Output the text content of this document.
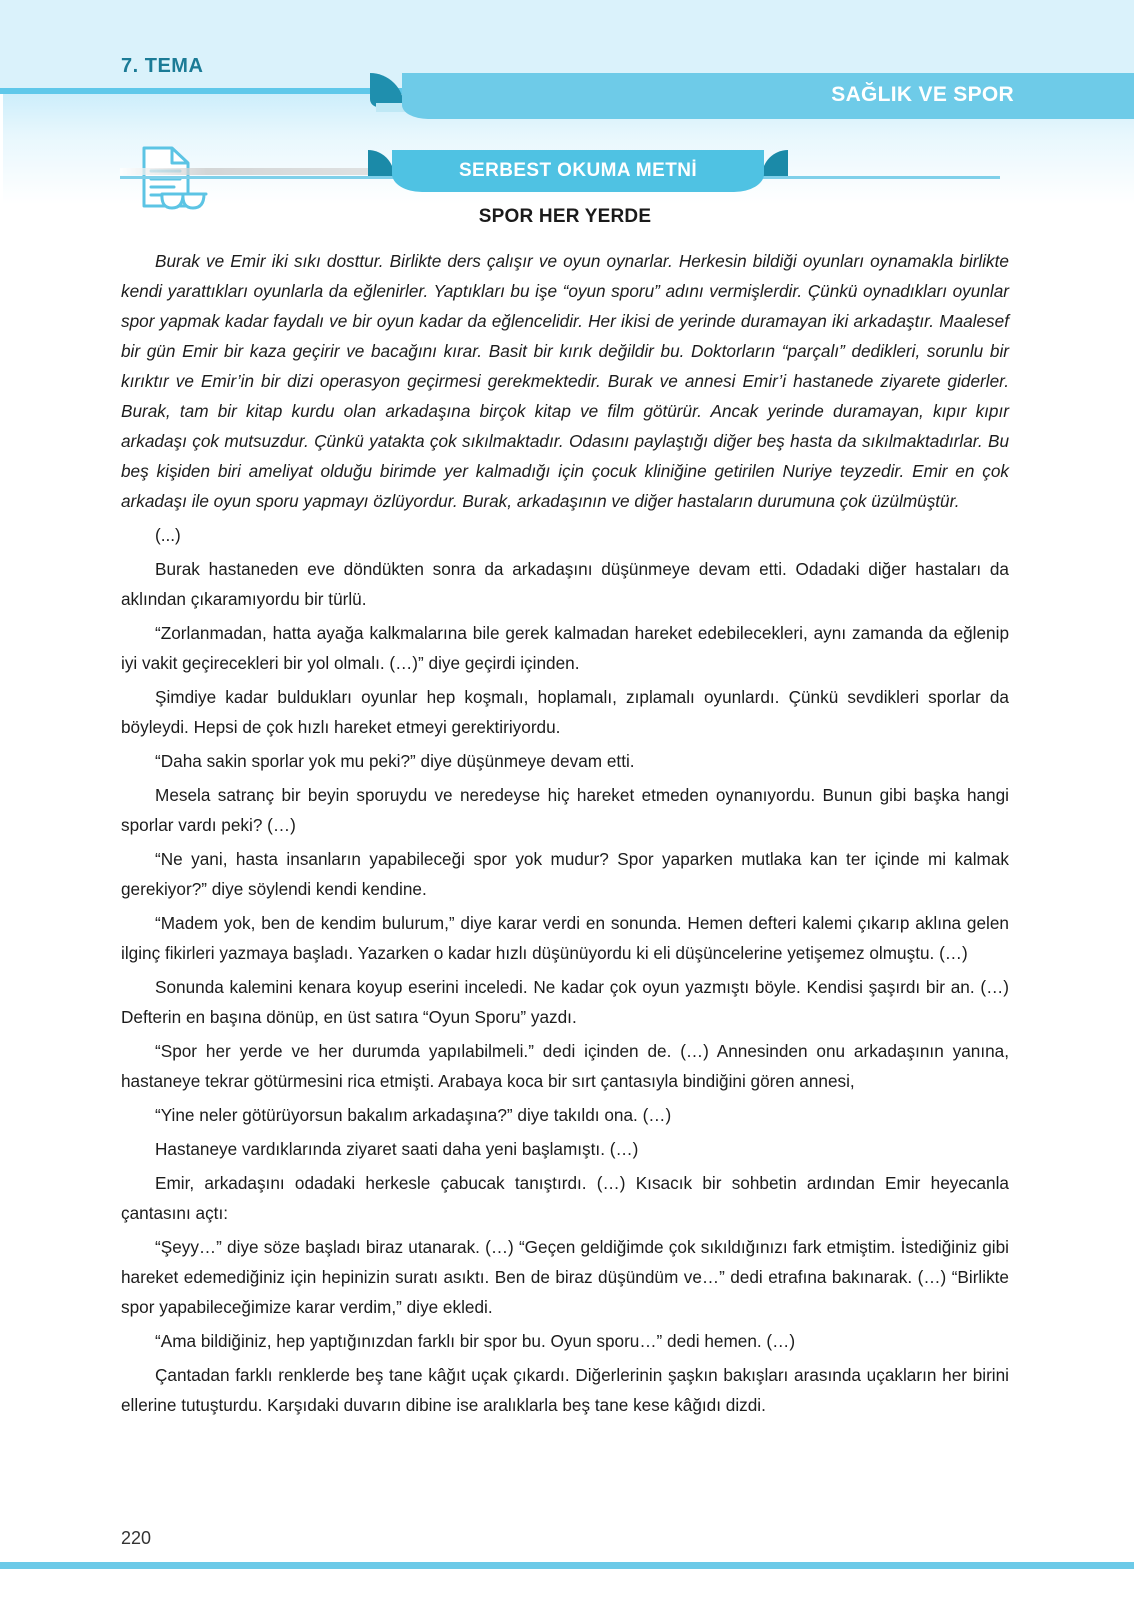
7. TEMA
SAĞLIK VE SPOR
SERBEST OKUMA METNİ
SPOR HER YERDE

Burak ve Emir iki sıkı dosttur. Birlikte ders çalışır ve oyun oynarlar. Herkesin bildiği oyunları oynamakla birlikte kendi yarattıkları oyunlarla da eğlenirler. Yaptıkları bu işe “oyun sporu” adını vermişlerdir. Çünkü oynadıkları oyunlar spor yapmak kadar faydalı ve bir oyun kadar da eğlencelidir. Her ikisi de yerinde duramayan iki arkadaştır. Maalesef bir gün Emir bir kaza geçirir ve bacağını kırar. Basit bir kırık değildir bu. Doktorların “parçalı” dedikleri, sorunlu bir kırıktır ve Emir’in bir dizi operasyon geçirmesi gerekmektedir. Burak ve annesi Emir’i hastanede ziyarete giderler. Burak, tam bir kitap kurdu olan arkadaşına birçok kitap ve film götürür. Ancak yerinde duramayan, kıpır kıpır arkadaşı çok mutsuzdur. Çünkü yatakta çok sıkılmaktadır. Odasını paylaştığı diğer beş hasta da sıkılmaktadırlar. Bu beş kişiden biri ameliyat olduğu birimde yer kalmadığı için çocuk kliniğine getirilen Nuriye teyzedir. Emir en çok arkadaşı ile oyun sporu yapmayı özlüyordur. Burak, arkadaşının ve diğer hastaların durumuna çok üzülmüştür.

(...)

Burak hastaneden eve döndükten sonra da arkadaşını düşünmeye devam etti. Odadaki diğer hastaları da aklından çıkaramıyordu bir türlü.

“Zorlanmadan, hatta ayağa kalkmalarına bile gerek kalmadan hareket edebilecekleri, aynı zamanda da eğlenip iyi vakit geçirecekleri bir yol olmalı. (…)” diye geçirdi içinden.

Şimdiye kadar buldukları oyunlar hep koşmalı, hoplamalı, zıplamalı oyunlardı. Çünkü sevdikleri sporlar da böyleydi. Hepsi de çok hızlı hareket etmeyi gerektiriyordu.

“Daha sakin sporlar yok mu peki?” diye düşünmeye devam etti.

Mesela satranç bir beyin sporuydu ve neredeyse hiç hareket etmeden oynanıyordu. Bunun gibi başka hangi sporlar vardı peki? (…)

“Ne yani, hasta insanların yapabileceği spor yok mudur? Spor yaparken mutlaka kan ter içinde mi kalmak gerekiyor?” diye söylendi kendi kendine.

“Madem yok, ben de kendim bulurum,” diye karar verdi en sonunda. Hemen defteri kalemi çıkarıp aklına gelen ilginç fikirleri yazmaya başladı. Yazarken o kadar hızlı düşünüyordu ki eli düşüncelerine yetişemez olmuştu. (…)

Sonunda kalemini kenara koyup eserini inceledi. Ne kadar çok oyun yazmıştı böyle. Kendisi şaşırdı bir an. (…) Defterin en başına dönüp, en üst satıra “Oyun Sporu” yazdı.

“Spor her yerde ve her durumda yapılabilmeli.” dedi içinden de. (…) Annesinden onu arkadaşının yanına, hastaneye tekrar götürmesini rica etmişti. Arabaya koca bir sırt çantasıyla bindiğini gören annesi,

“Yine neler götürüyorsun bakalım arkadaşına?” diye takıldı ona. (…)

Hastaneye vardıklarında ziyaret saati daha yeni başlamıştı. (…)

Emir, arkadaşını odadaki herkesle çabucak tanıştırdı. (…) Kısacık bir sohbetin ardından Emir heyecanla çantasını açtı:

“Şeyy…” diye söze başladı biraz utanarak. (…) “Geçen geldiğimde çok sıkıldığınızı fark etmiştim. İstediğiniz gibi hareket edemediğiniz için hepinizin suratı asıktı. Ben de biraz düşündüm ve…” dedi etrafına bakınarak. (…) “Birlikte spor yapabileceğimize karar verdim,” diye ekledi.

“Ama bildiğiniz, hep yaptığınızdan farklı bir spor bu. Oyun sporu…” dedi hemen. (…)

Çantadan farklı renklerde beş tane kâğıt uçak çıkardı. Diğerlerinin şaşkın bakışları arasında uçakların her birini ellerine tutuşturdu. Karşıdaki duvarın dibine ise aralıklarla beş tane kese kâğıdı dizdi.

220
